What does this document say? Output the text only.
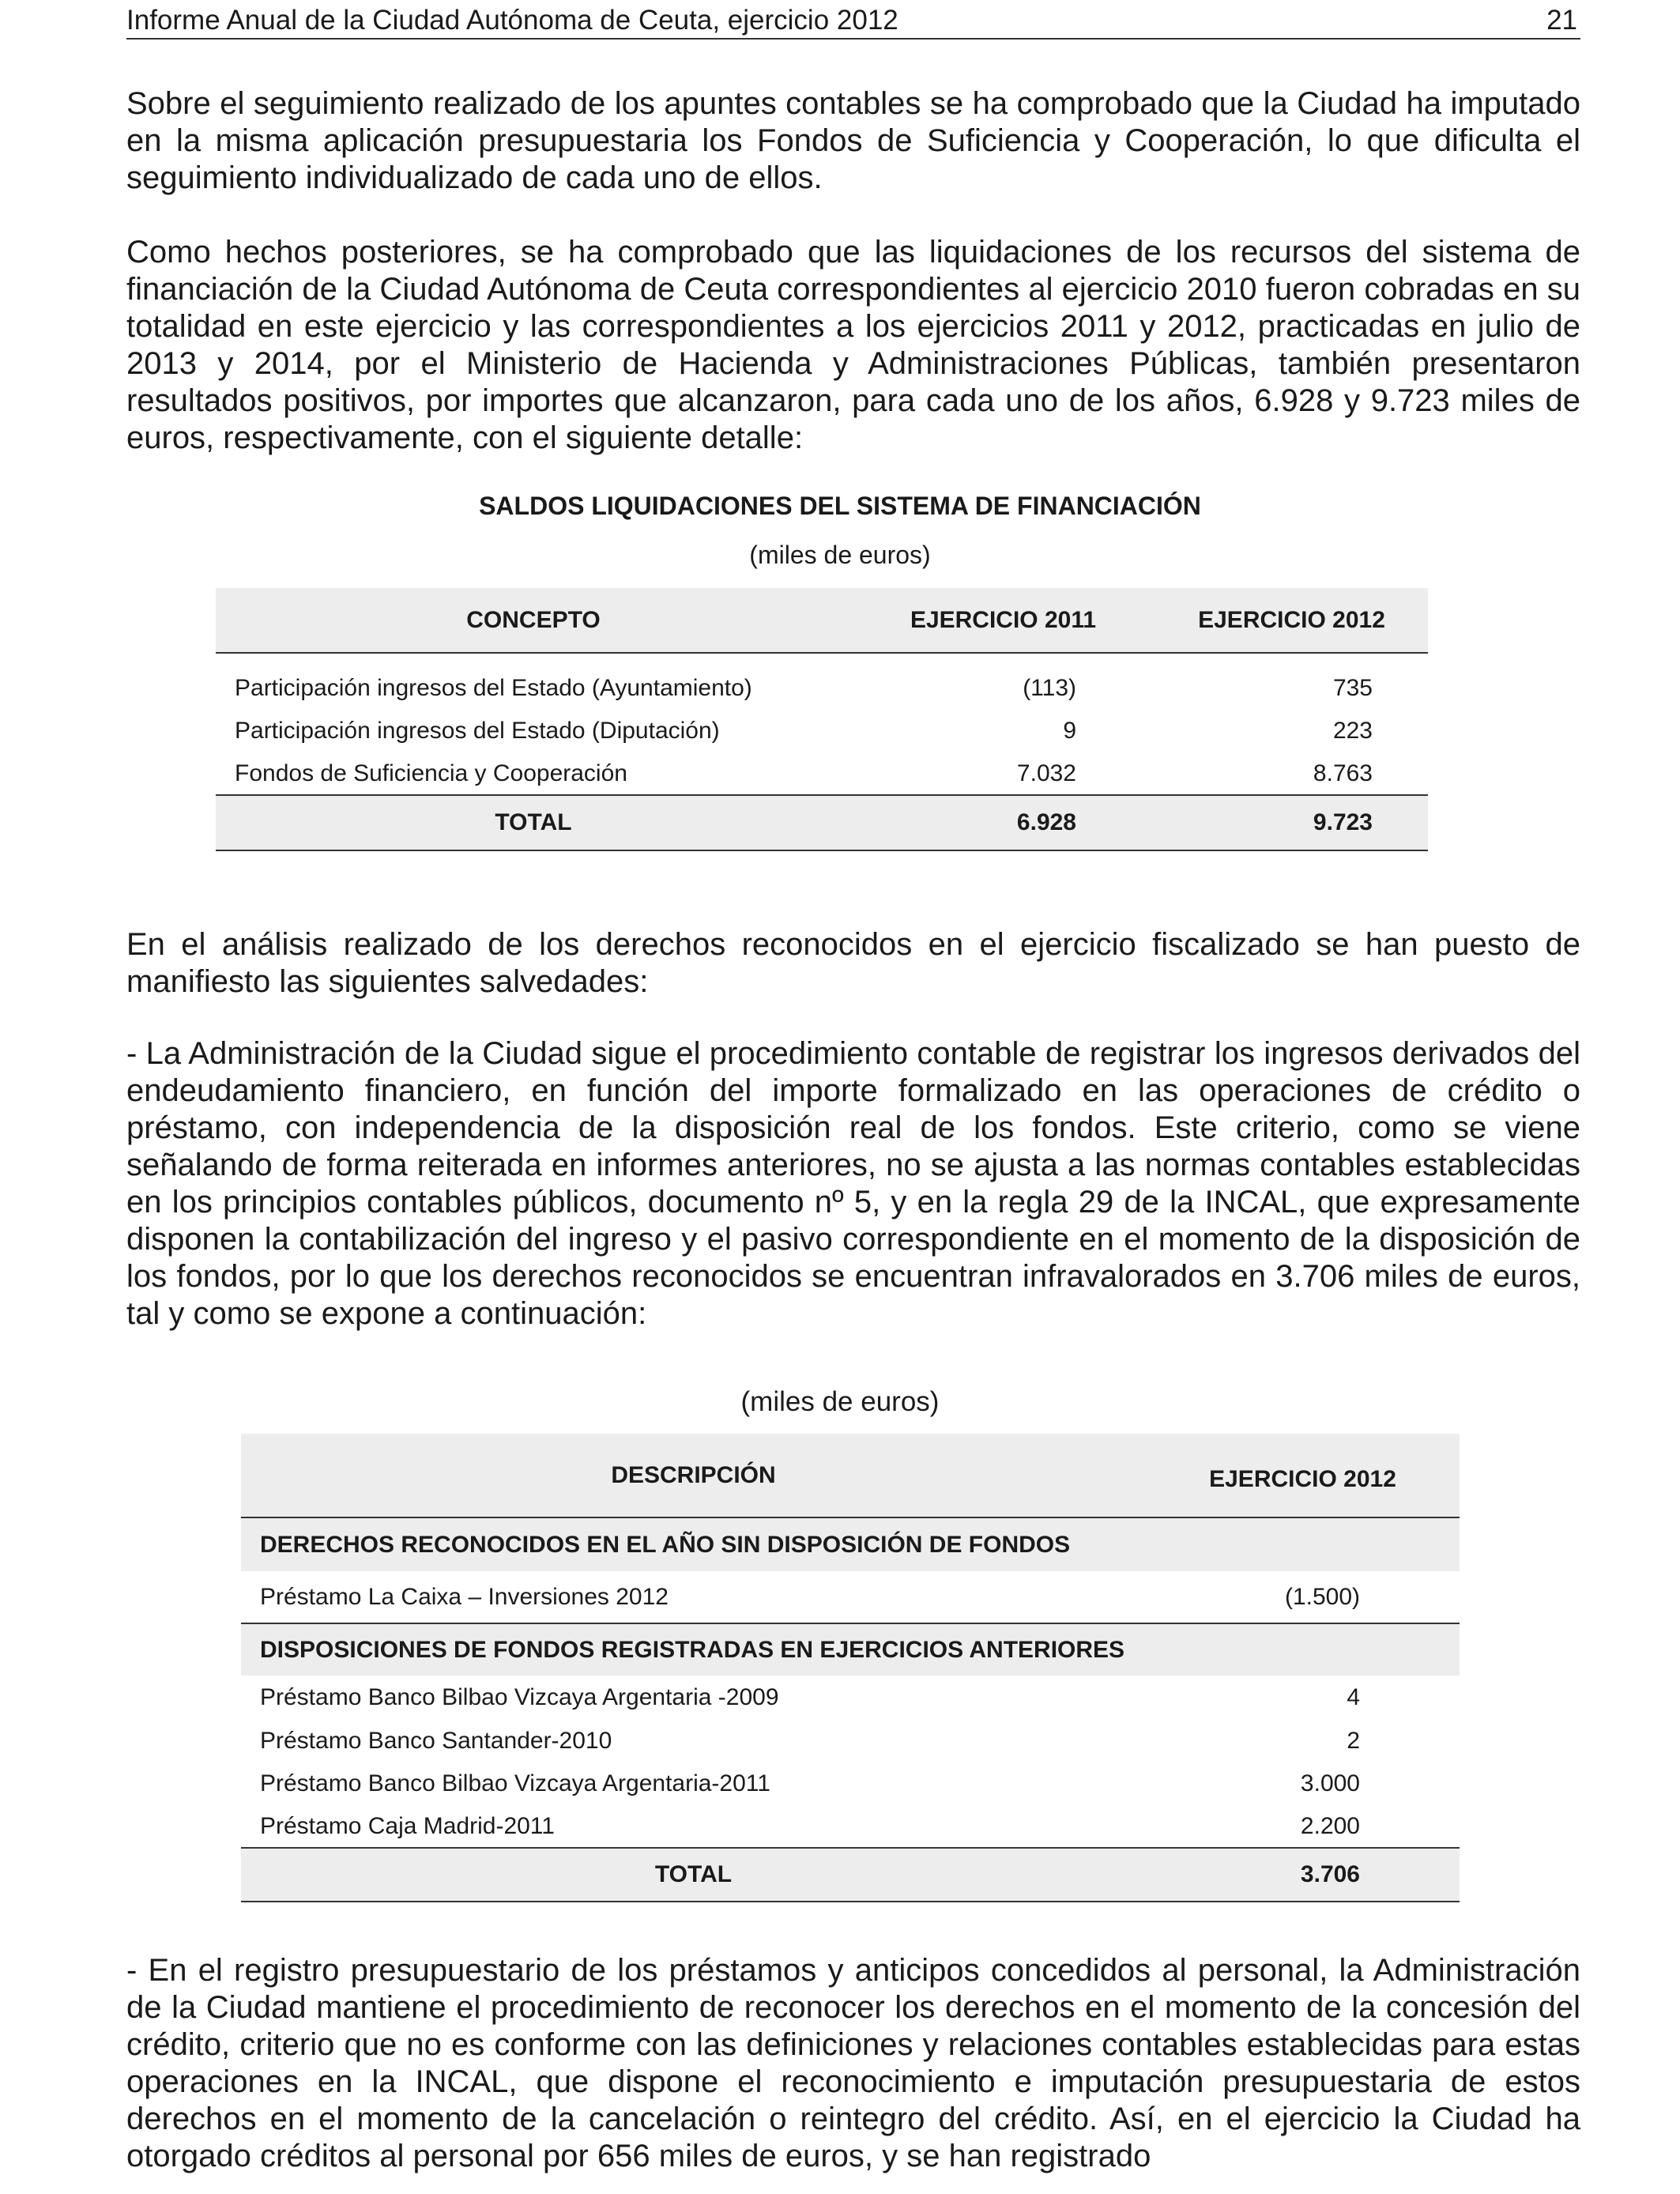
Informe Anual de la Ciudad Autónoma de Ceuta, ejercicio 2012	21

Sobre el seguimiento realizado de los apuntes contables se ha comprobado que la Ciudad ha imputado en la misma aplicación presupuestaria los Fondos de Suficiencia y Cooperación, lo que dificulta el seguimiento individualizado de cada uno de ellos.

Como hechos posteriores, se ha comprobado que las liquidaciones de los recursos del sistema de financiación de la Ciudad Autónoma de Ceuta correspondientes al ejercicio 2010 fueron cobradas en su totalidad en este ejercicio y las correspondientes a los ejercicios 2011 y 2012, practicadas en julio de 2013 y 2014, por el Ministerio de Hacienda y Administraciones Públicas, también presentaron resultados positivos, por importes que alcanzaron, para cada uno de los años, 6.928 y 9.723 miles de euros, respectivamente, con el siguiente detalle:

SALDOS LIQUIDACIONES DEL SISTEMA DE FINANCIACIÓN
(miles de euros)
CONCEPTO	EJERCICIO 2011	EJERCICIO 2012

Participación ingresos del Estado (Ayuntamiento)	(113)	735
Participación ingresos del Estado (Diputación)	9	223
Fondos de Suficiencia y Cooperación	7.032	8.763
TOTAL	6.928	9.723

En el análisis realizado de los derechos reconocidos en el ejercicio fiscalizado se han puesto de manifiesto las siguientes salvedades:

- La Administración de la Ciudad sigue el procedimiento contable de registrar los ingresos derivados del endeudamiento financiero, en función del importe formalizado en las operaciones de crédito o préstamo, con independencia de la disposición real de los fondos. Este criterio, como se viene señalando de forma reiterada en informes anteriores, no se ajusta a las normas contables establecidas en los principios contables públicos, documento nº 5, y en la regla 29 de la INCAL, que expresamente disponen la contabilización del ingreso y el pasivo correspondiente en el momento de la disposición de los fondos, por lo que los derechos reconocidos se encuentran infravalorados en 3.706 miles de euros, tal y como se expone a continuación:

(miles de euros)
DESCRIPCIÓN	EJERCICIO 2012
DERECHOS RECONOCIDOS EN EL AÑO SIN DISPOSICIÓN DE FONDOS	
Préstamo La Caixa – Inversiones 2012	(1.500)
DISPOSICIONES DE FONDOS REGISTRADAS EN EJERCICIOS ANTERIORES	
Préstamo Banco Bilbao Vizcaya Argentaria -2009	4
Préstamo Banco Santander-2010	2
Préstamo Banco Bilbao Vizcaya Argentaria-2011	3.000
Préstamo Caja Madrid-2011	2.200
TOTAL	3.706

- En el registro presupuestario de los préstamos y anticipos concedidos al personal, la Administración de la Ciudad mantiene el procedimiento de reconocer los derechos en el momento de la concesión del crédito, criterio que no es conforme con las definiciones y relaciones contables establecidas para estas operaciones en la INCAL, que dispone el reconocimiento e imputación presupuestaria de estos derechos en el momento de la cancelación o reintegro del crédito. Así, en el ejercicio la Ciudad ha otorgado créditos al personal por 656 miles de euros, y se han registrado
